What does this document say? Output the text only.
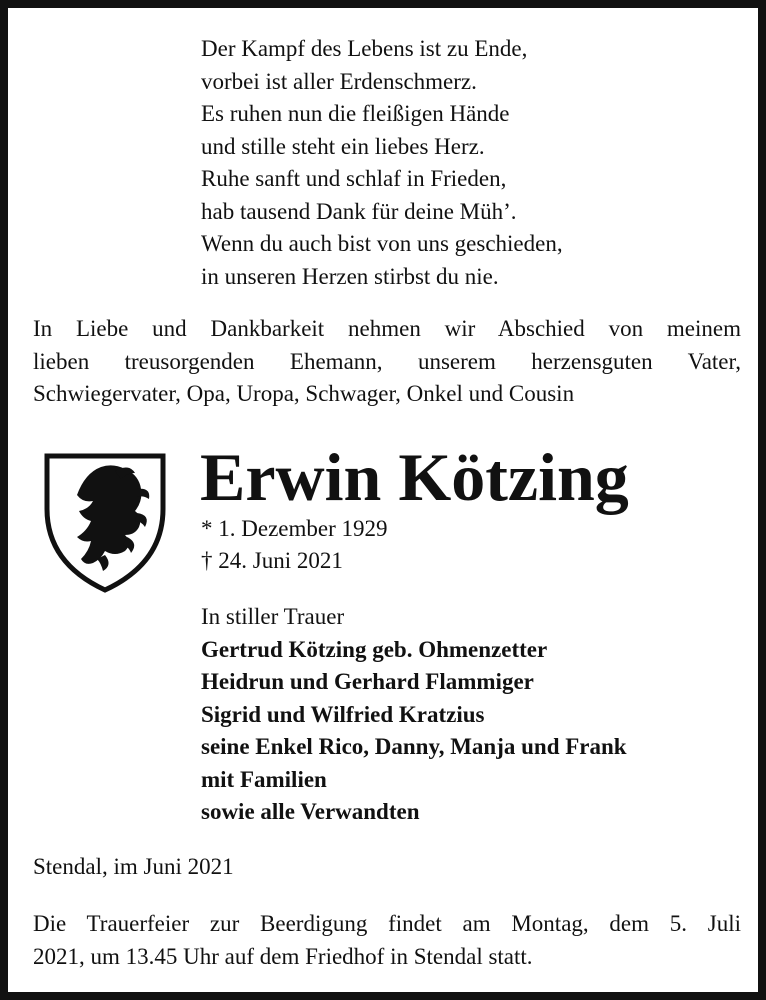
Der Kampf des Lebens ist zu Ende,
vorbei ist aller Erdenschmerz.
Es ruhen nun die fleißigen Hände
und stille steht ein liebes Herz.
Ruhe sanft und schlaf in Frieden,
hab tausend Dank für deine Müh’.
Wenn du auch bist von uns geschieden,
in unseren Herzen stirbst du nie.
In Liebe und Dankbarkeit nehmen wir Abschied von meinem
lieben treusorgenden Ehemann, unserem herzensguten Vater,
Schwiegervater, Opa, Uropa, Schwager, Onkel und Cousin
Erwin Kötzing
* 1. Dezember 1929
† 24. Juni 2021
In stiller Trauer
Gertrud Kötzing geb. Ohmenzetter
Heidrun und Gerhard Flammiger
Sigrid und Wilfried Kratzius
seine Enkel Rico, Danny, Manja und Frank
mit Familien
sowie alle Verwandten
Stendal, im Juni 2021
Die Trauerfeier zur Beerdigung findet am Montag, dem 5. Juli
2021, um 13.45 Uhr auf dem Friedhof in Stendal statt.
